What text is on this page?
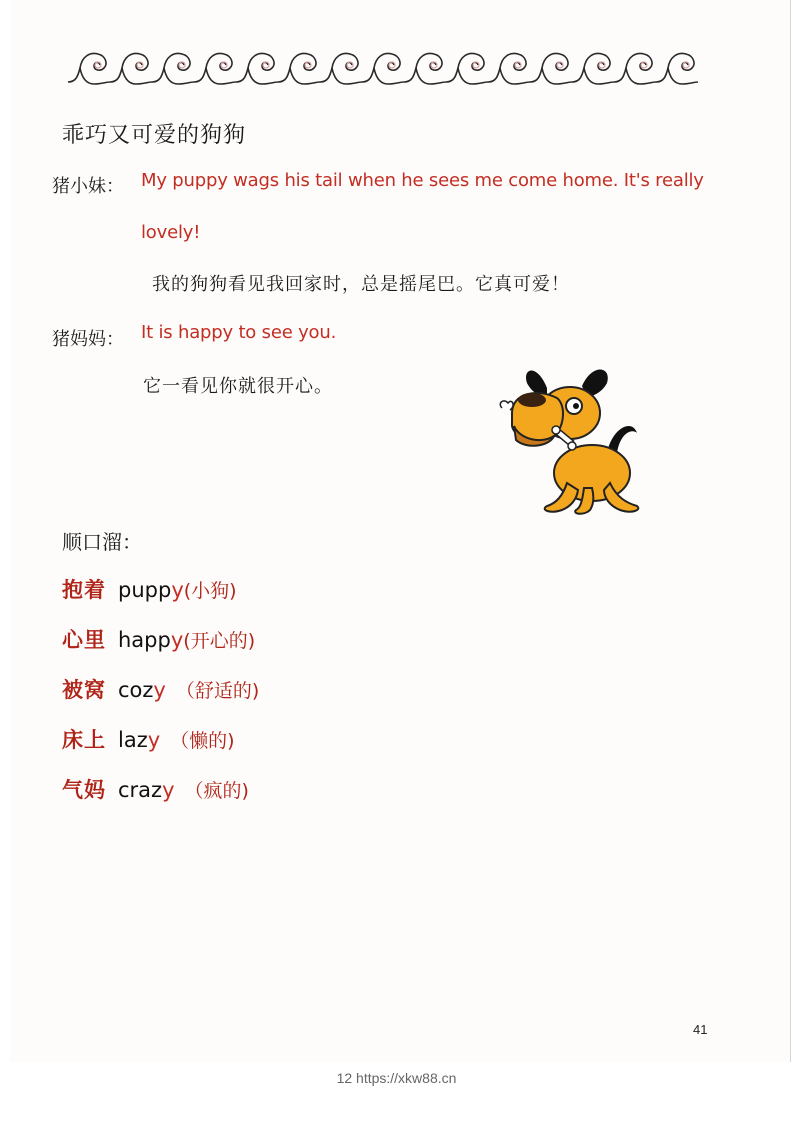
乖巧又可爱的狗狗
猪小妹： My puppy wags his tail when he sees me come home. It's really
lovely!
我的狗狗看见我回家时，总是摇尾巴。它真可爱！
猪妈妈： It is happy to see you.
它一看见你就很开心。
顺口溜：
抱着 puppy (小狗)
心里 happy (开心的)
被窝 cozy （舒适的)
床上 lazy （懒的)
气妈 crazy （疯的)
41
12 https://xkw88.cn
